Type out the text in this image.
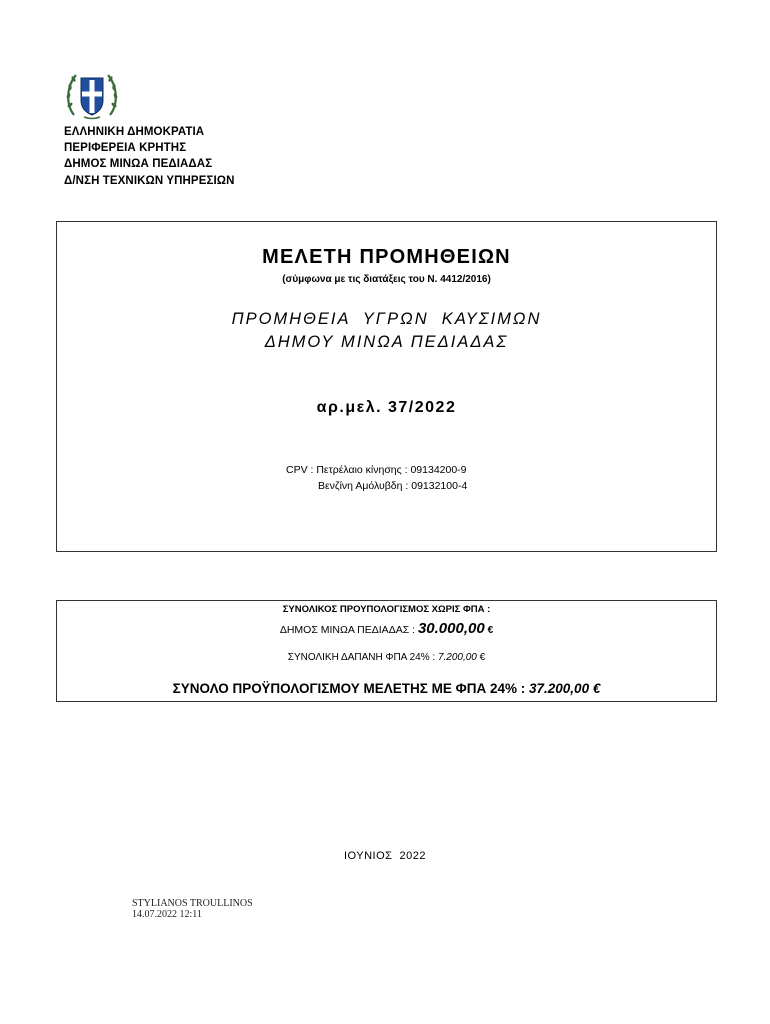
ΕΛΛΗΝΙΚΗ ΔΗΜΟΚΡΑΤΙΑ
ΠΕΡΙΦΕΡΕΙΑ ΚΡΗΤΗΣ
ΔΗΜΟΣ ΜΙΝΩΑ ΠΕΔΙΑΔΑΣ
Δ/ΝΣΗ ΤΕΧΝΙΚΩΝ ΥΠΗΡΕΣΙΩΝ
ΜΕΛΕΤΗ ΠΡΟΜΗΘΕΙΩΝ
(σύμφωνα με τις διατάξεις του Ν. 4412/2016)
ΠΡΟΜΗΘΕΙΑ  ΥΓΡΩΝ  ΚΑΥΣΙΜΩΝ
ΔΗΜΟΥ ΜΙΝΩΑ ΠΕΔΙΑΔΑΣ
αρ.μελ. 37/2022
CPV : Πετρέλαιο κίνησης : 09134200-9
Βενζίνη Αμόλυβδη : 09132100-4
ΣΥΝΟΛΙΚΟΣ ΠΡΟΥΠΟΛΟΓΙΣΜΟΣ ΧΩΡΙΣ ΦΠΑ :
ΔΗΜΟΣ ΜΙΝΩΑ ΠΕΔΙΑΔΑΣ : 30.000,00 €
ΣΥΝΟΛΙΚΗ ΔΑΠΑΝΗ ΦΠΑ 24% : 7.200,00 €
ΣΥΝΟΛΟ ΠΡΟΫΠΟΛΟΓΙΣΜΟΥ ΜΕΛΕΤΗΣ ΜΕ ΦΠΑ 24% : 37.200,00 €
ΙΟΥΝΙΟΣ  2022
STYLIANOS TROULLINOS
14.07.2022 12:11
